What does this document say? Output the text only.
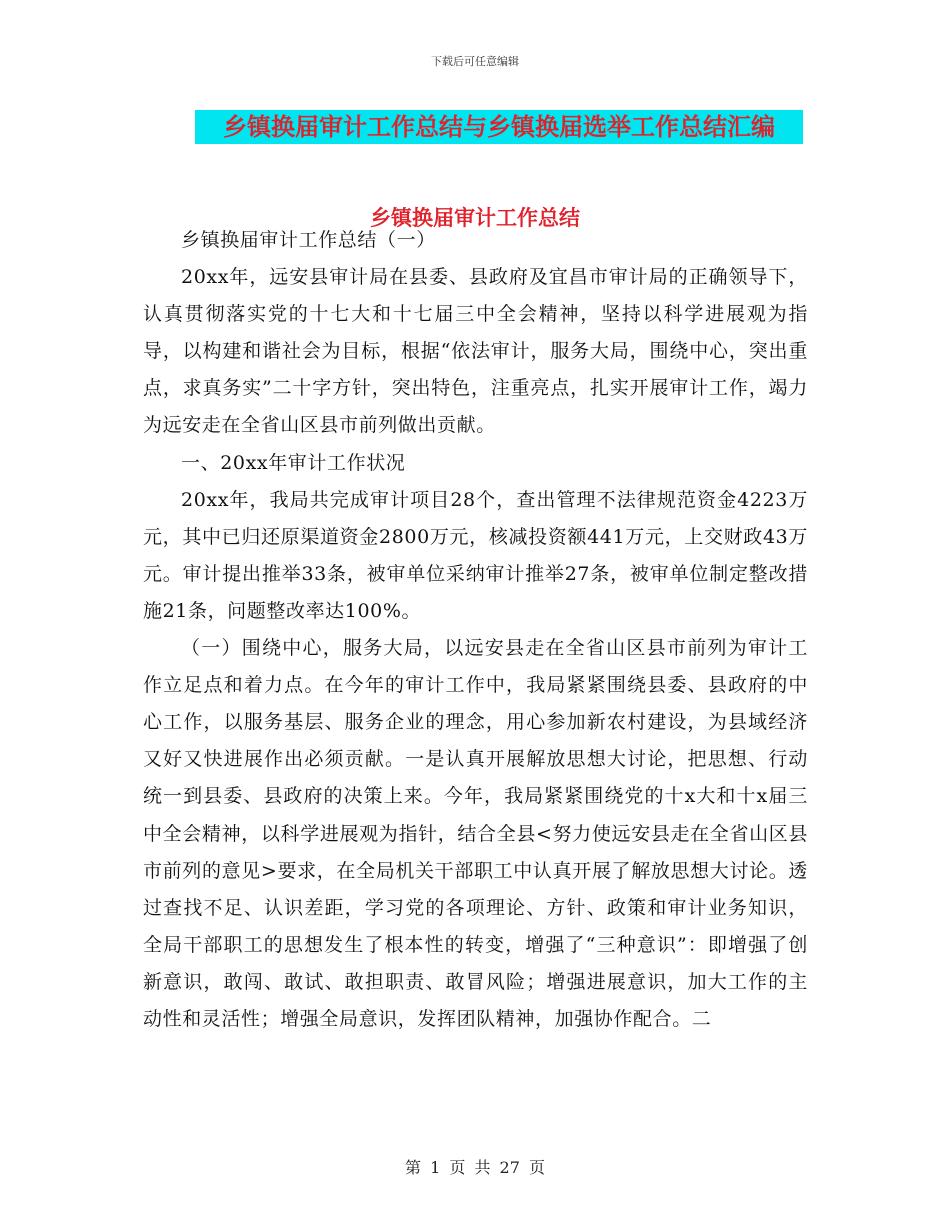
下载后可任意编辑
乡镇换届审计工作总结与乡镇换届选举工作总结汇编
乡镇换届审计工作总结

乡镇换届审计工作总结（一）

20xx年，远安县审计局在县委、县政府及宜昌市审计局的正确领导下，认真贯彻落实党的十七大和十七届三中全会精神，坚持以科学进展观为指导，以构建和谐社会为目标，根据“依法审计，服务大局，围绕中心，突出重点，求真务实”二十字方针，突出特色，注重亮点，扎实开展审计工作，竭力为远安走在全省山区县市前列做出贡献。

一、20xx年审计工作状况

20xx年，我局共完成审计项目28个，查出管理不法律规范资金4223万元，其中已归还原渠道资金2800万元，核减投资额441万元，上交财政43万元。审计提出推举33条，被审单位采纳审计推举27条，被审单位制定整改措施21条，问题整改率达100%。

（一）围绕中心，服务大局，以远安县走在全省山区县市前列为审计工作立足点和着力点。在今年的审计工作中，我局紧紧围绕县委、县政府的中心工作，以服务基层、服务企业的理念，用心参加新农村建设，为县域经济又好又快进展作出必须贡献。一是认真开展解放思想大讨论，把思想、行动统一到县委、县政府的决策上来。今年，我局紧紧围绕党的十x大和十x届三中全会精神，以科学进展观为指针，结合全县<努力使远安县走在全省山区县市前列的意见>要求，在全局机关干部职工中认真开展了解放思想大讨论。透过查找不足、认识差距，学习党的各项理论、方针、政策和审计业务知识，全局干部职工的思想发生了根本性的转变，增强了“三种意识”：即增强了创新意识，敢闯、敢试、敢担职责、敢冒风险；增强进展意识，加大工作的主动性和灵活性；增强全局意识，发挥团队精神，加强协作配合。二

第 1 页 共 27 页
